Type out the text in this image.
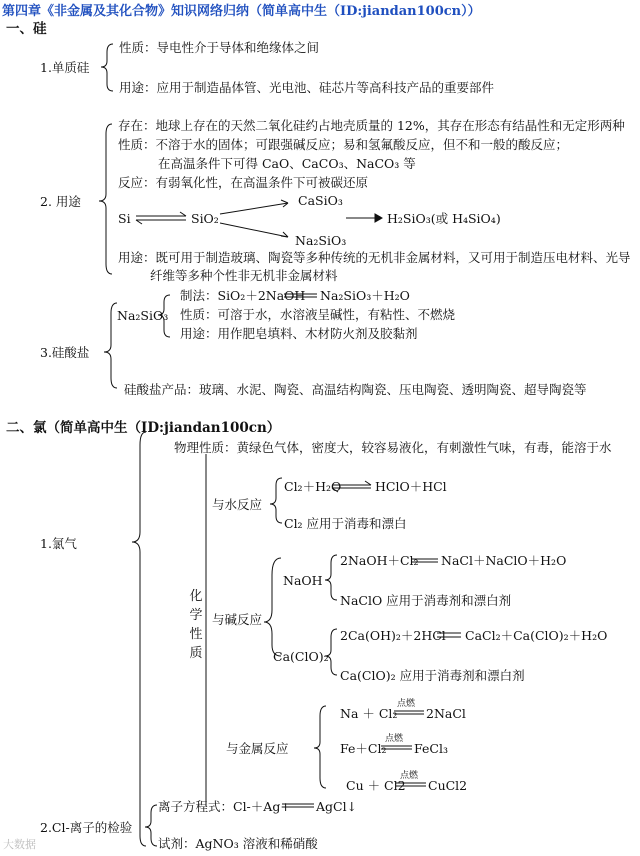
第四章《非金属及其化合物》知识网络归纳（简单高中生（ID:jiandan100cn））
一、硅
1.单质硅
性质：导电性介于导体和绝缘体之间
用途：应用于制造晶体管、光电池、硅芯片等高科技产品的重要部件
2. 用途
存在：地球上存在的天然二氧化硅约占地壳质量的 12%，其存在形态有结晶性和无定形两种
性质：不溶于水的固体；可跟强碱反应；易和氢氟酸反应，但不和一般的酸反应；
在高温条件下可得 CaO、CaCO₃、NaCO₃ 等
反应：有弱氧化性，在高温条件下可被碳还原
Si	SiO₂
CaSiO₃
Na₂SiO₃
H₂SiO₃(或 H₄SiO₄)
用途：既可用于制造玻璃、陶瓷等多种传统的无机非金属材料，又可用于制造压电材料、光导
纤维等多种个性非无机非金属材料
3.硅酸盐
Na₂SiO₃
制法：SiO₂＋2NaOH Na₂SiO₃＋H₂O
性质：可溶于水，水溶液呈碱性，有粘性、不燃烧
用途：用作肥皂填料、木材防火剂及胶黏剂
硅酸盐产品：玻璃、水泥、陶瓷、高温结构陶瓷、压电陶瓷、透明陶瓷、超导陶瓷等
二、氯（简单高中生（ID:jiandan100cn）
物理性质：黄绿色气体，密度大，较容易液化，有刺激性气味，有毒，能溶于水
1.氯气
化
学
性
质
与水反应
Cl₂＋H₂O	HClO＋HCl
Cl₂ 应用于消毒和漂白
与碱反应
NaOH
2NaOH＋Cl₂ NaCl＋NaClO＋H₂O
NaClO 应用于消毒剂和漂白剂
Ca(ClO)₂
2Ca(OH)₂＋2HCl CaCl₂＋Ca(ClO)₂＋H₂O
Ca(ClO)₂ 应用于消毒剂和漂白剂
与金属反应
Na ＋ Cl₂
点燃
2NaCl
Fe＋Cl₂
点燃
FeCl₃
Cu ＋ Cl2
点燃
CuCl2
2.Cl-离子的检验
离子方程式：Cl-＋Ag+ AgCl↓
试剂：AgNO₃ 溶液和稀硝酸
大数据
